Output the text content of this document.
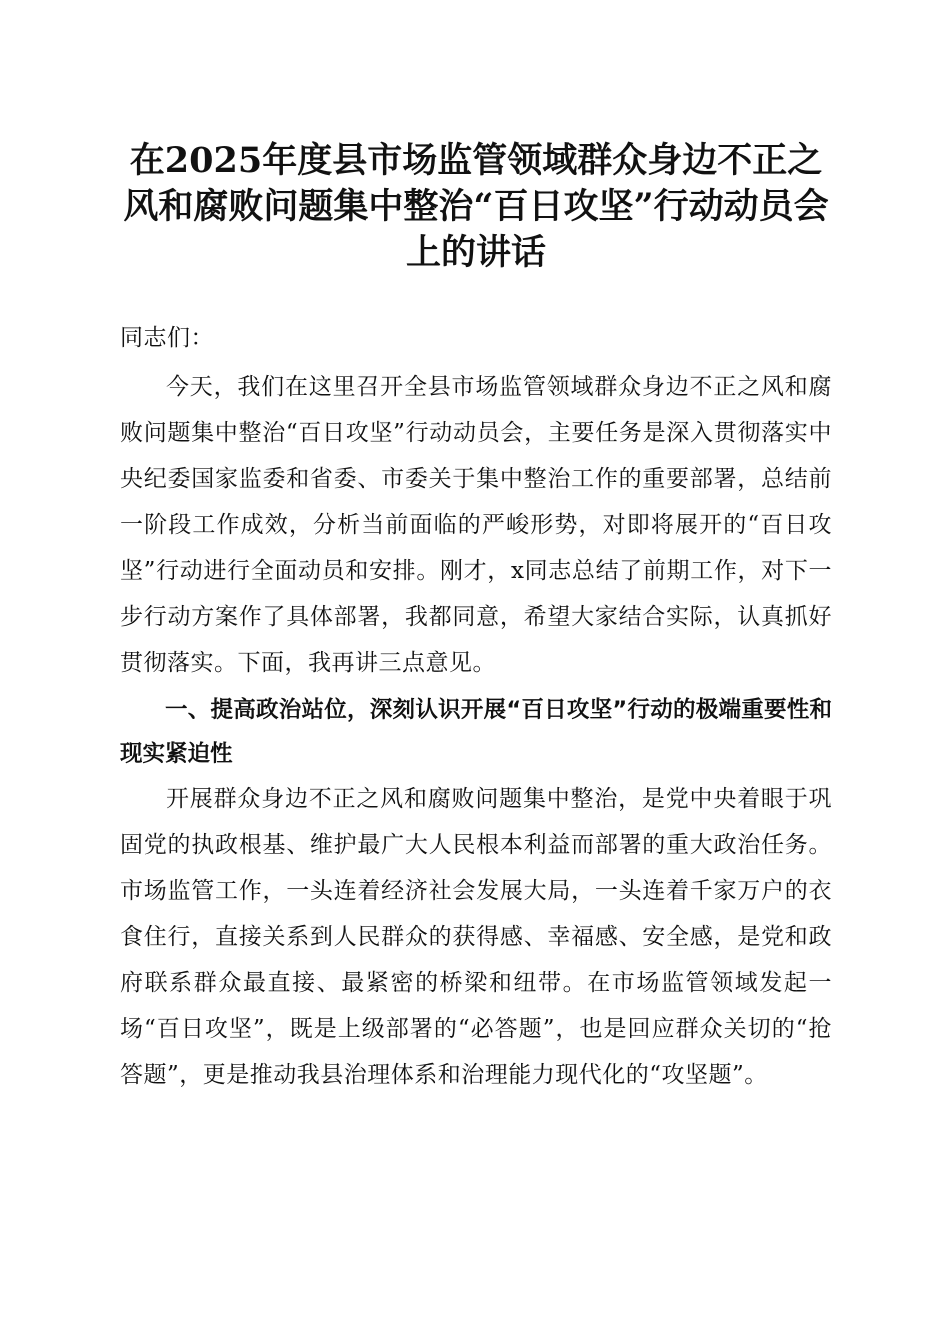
在2025年度县市场监管领域群众身边不正之风和腐败问题集中整治“百日攻坚”行动动员会上的讲话

同志们：

今天，我们在这里召开全县市场监管领域群众身边不正之风和腐败问题集中整治“百日攻坚”行动动员会，主要任务是深入贯彻落实中央纪委国家监委和省委、市委关于集中整治工作的重要部署，总结前一阶段工作成效，分析当前面临的严峻形势，对即将展开的“百日攻坚”行动进行全面动员和安排。刚才，x同志总结了前期工作，对下一步行动方案作了具体部署，我都同意，希望大家结合实际，认真抓好贯彻落实。下面，我再讲三点意见。

一、提高政治站位，深刻认识开展“百日攻坚”行动的极端重要性和现实紧迫性

开展群众身边不正之风和腐败问题集中整治，是党中央着眼于巩固党的执政根基、维护最广大人民根本利益而部署的重大政治任务。市场监管工作，一头连着经济社会发展大局，一头连着千家万户的衣食住行，直接关系到人民群众的获得感、幸福感、安全感，是党和政府联系群众最直接、最紧密的桥梁和纽带。在市场监管领域发起一场“百日攻坚”，既是上级部署的“必答题”，也是回应群众关切的“抢答题”，更是推动我县治理体系和治理能力现代化的“攻坚题”。
